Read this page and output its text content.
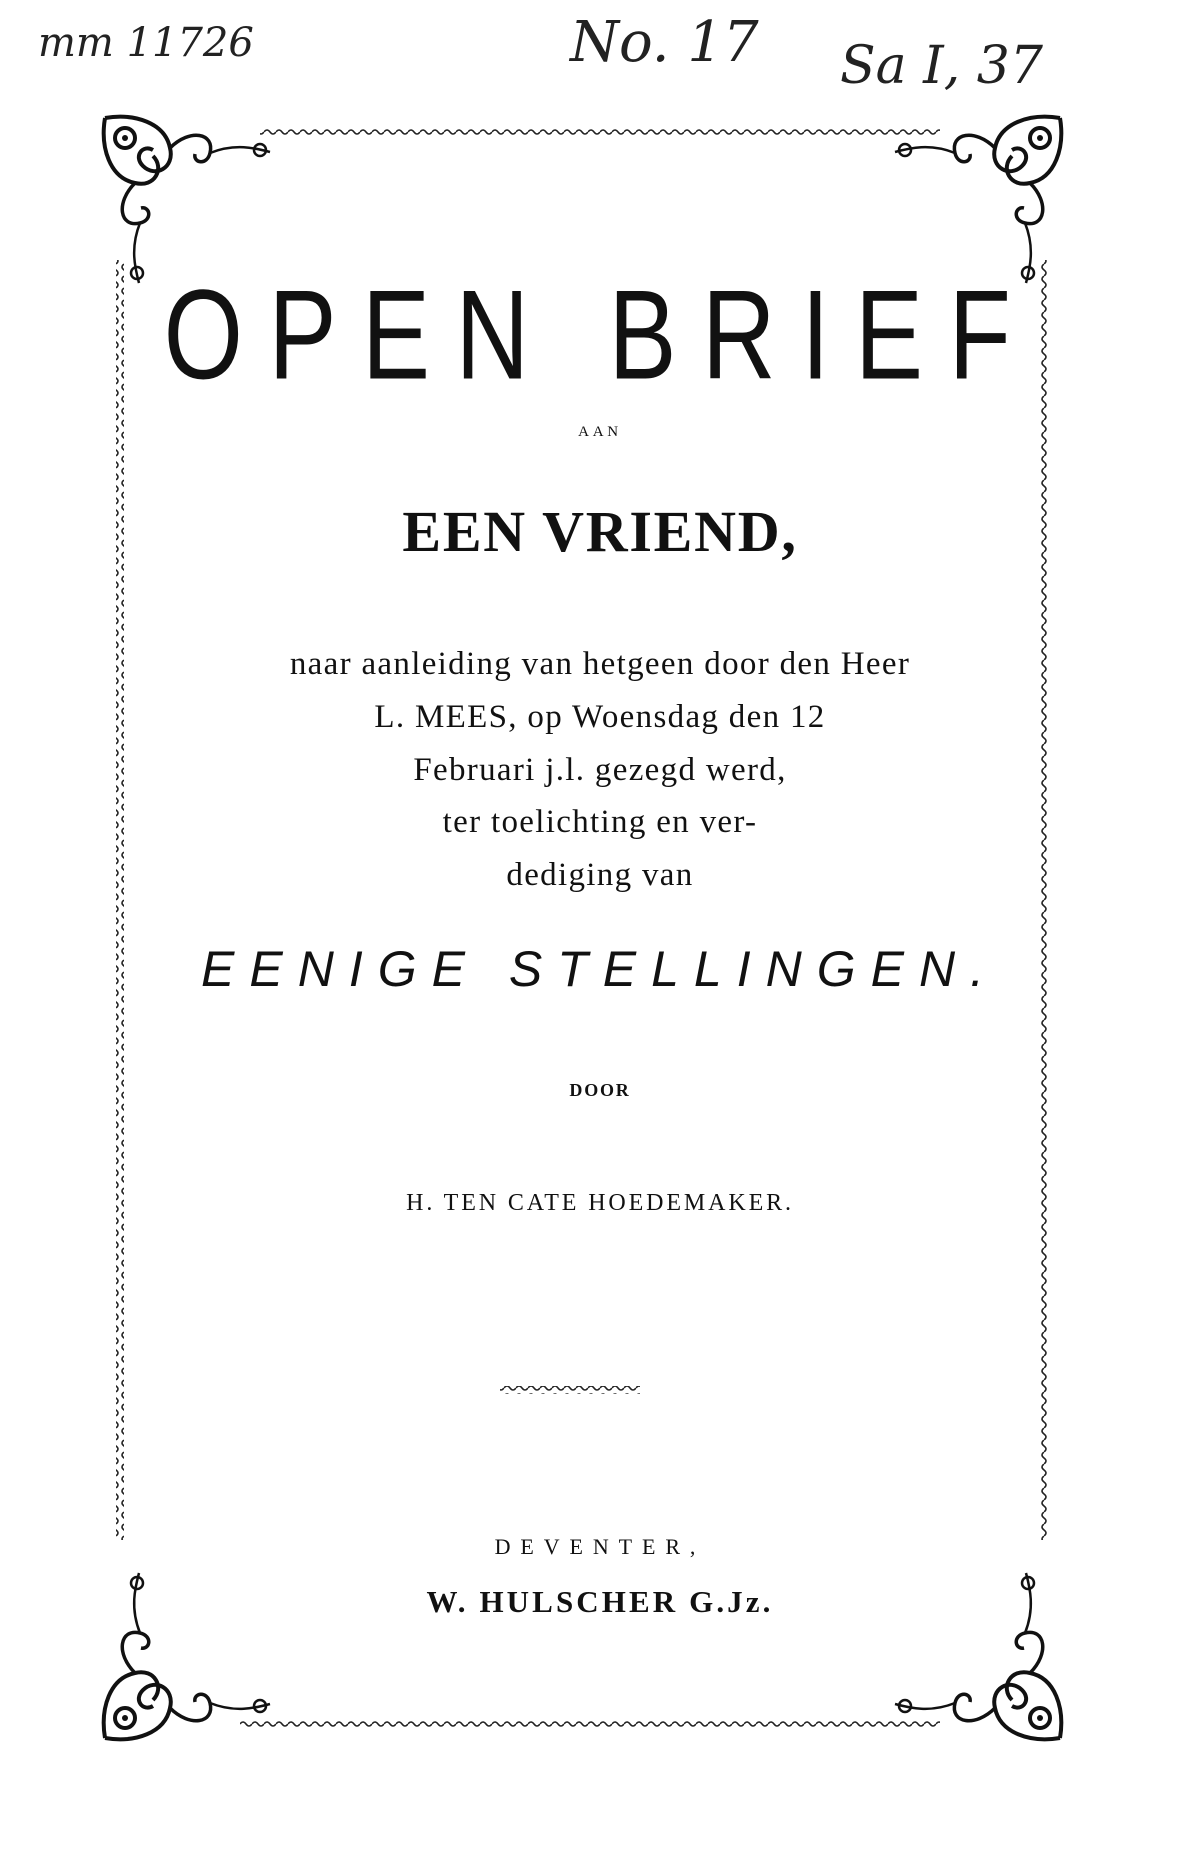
mm 11726	No. 17 Sa I, 37
OPEN BRIEF
AAN
EEN VRIEND,
naar aanleiding van hetgeen door den Heer
L. MEES, op Woensdag den 12
Februari j.l. gezegd werd,
ter toelichting en ver-
dediging van
EENIGE STELLINGEN.
DOOR
H. TEN CATE HOEDEMAKER.
DEVENTER,
W. HULSCHER G.Jz.
